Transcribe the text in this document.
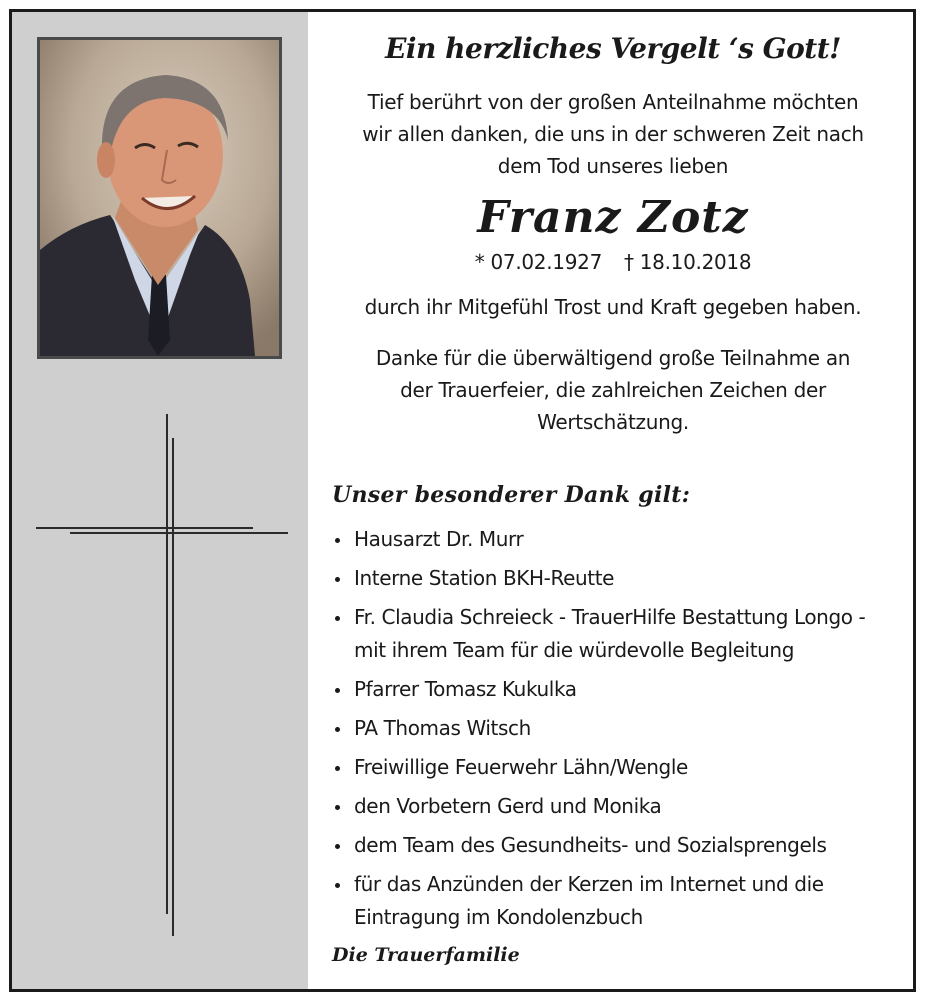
Ein herzliches Vergelt ‘s Gott!
Tief berührt von der großen Anteilnahme möchten
wir allen danken, die uns in der schweren Zeit nach
dem Tod unseres lieben
Franz Zotz
* 07.02.1927 † 18.10.2018
durch ihr Mitgefühl Trost und Kraft gegeben haben.
Danke für die überwältigend große Teilnahme an
der Trauerfeier, die zahlreichen Zeichen der
Wertschätzung.
Unser besonderer Dank gilt:
Hausarzt Dr. Murr
Interne Station BKH-Reutte
Fr. Claudia Schreieck - TrauerHilfe Bestattung Longo -
mit ihrem Team für die würdevolle Begleitung
Pfarrer Tomasz Kukulka
PA Thomas Witsch
Freiwillige Feuerwehr Lähn/Wengle
den Vorbetern Gerd und Monika
dem Team des Gesundheits- und Sozialsprengels
für das Anzünden der Kerzen im Internet und die
Eintragung im Kondolenzbuch
Die Trauerfamilie
